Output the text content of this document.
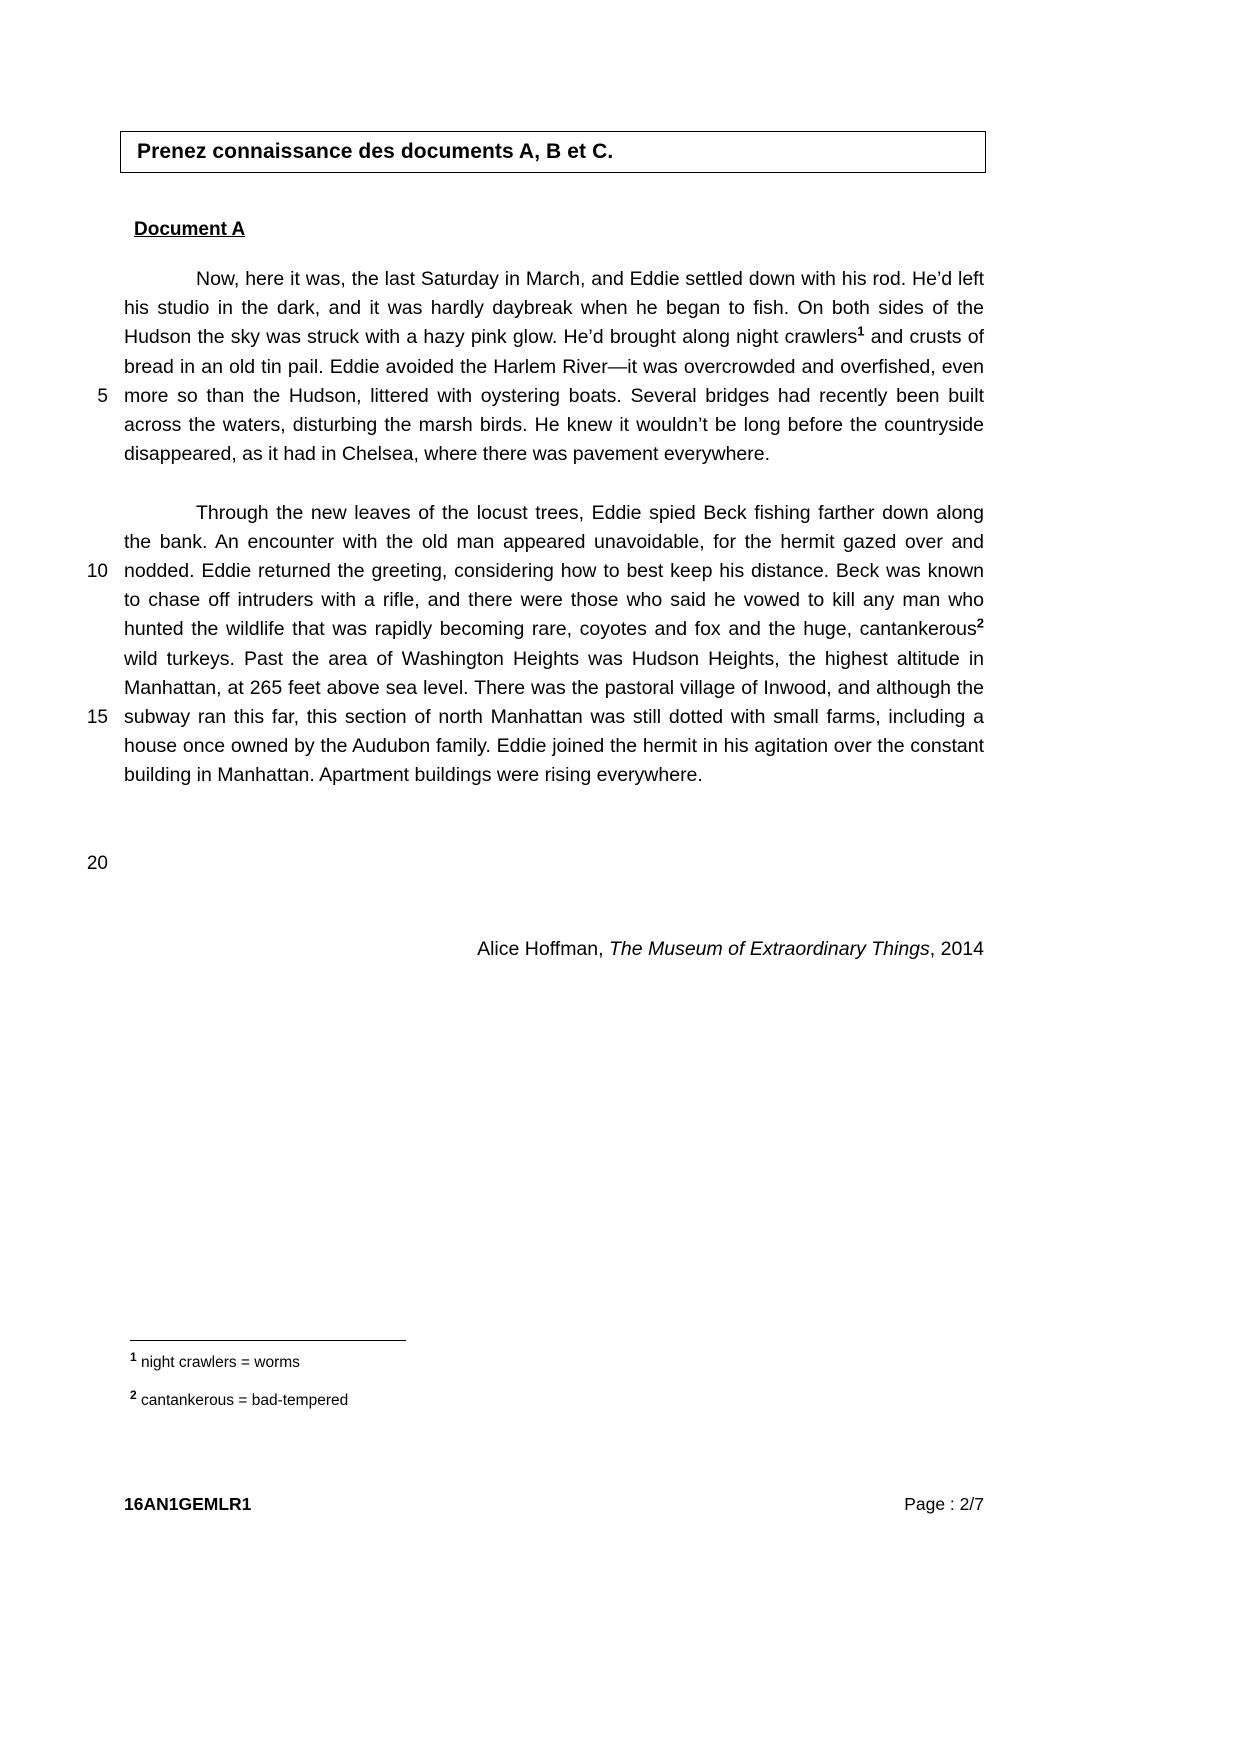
Prenez connaissance des documents A, B et C.
Document A
5
10
15
20

Now, here it was, the last Saturday in March, and Eddie settled down with his rod. He’d left his studio in the dark, and it was hardly daybreak when he began to fish. On both sides of the Hudson the sky was struck with a hazy pink glow. He’d brought along night crawlers$^1$ and crusts of bread in an old tin pail. Eddie avoided the Harlem River—it was overcrowded and overfished, even more so than the Hudson, littered with oystering boats. Several bridges had recently been built across the waters, disturbing the marsh birds. He knew it wouldn’t be long before the countryside disappeared, as it had in Chelsea, where there was pavement everywhere.

Through the new leaves of the locust trees, Eddie spied Beck fishing farther down along the bank. An encounter with the old man appeared unavoidable, for the hermit gazed over and nodded. Eddie returned the greeting, considering how to best keep his distance. Beck was known to chase off intruders with a rifle, and there were those who said he vowed to kill any man who hunted the wildlife that was rapidly becoming rare, coyotes and fox and the huge, cantankerous$^2$ wild turkeys. Past the area of Washington Heights was Hudson Heights, the highest altitude in Manhattan, at 265 feet above sea level. There was the pastoral village of Inwood, and although the subway ran this far, this section of north Manhattan was still dotted with small farms, including a house once owned by the Audubon family. Eddie joined the hermit in his agitation over the constant building in Manhattan. Apartment buildings were rising everywhere.

Alice Hoffman, The Museum of Extraordinary Things, 2014

$^1$ night crawlers = worms

$^2$ cantankerous = bad-tempered

16AN1GEMLR1	Page : 2/7
